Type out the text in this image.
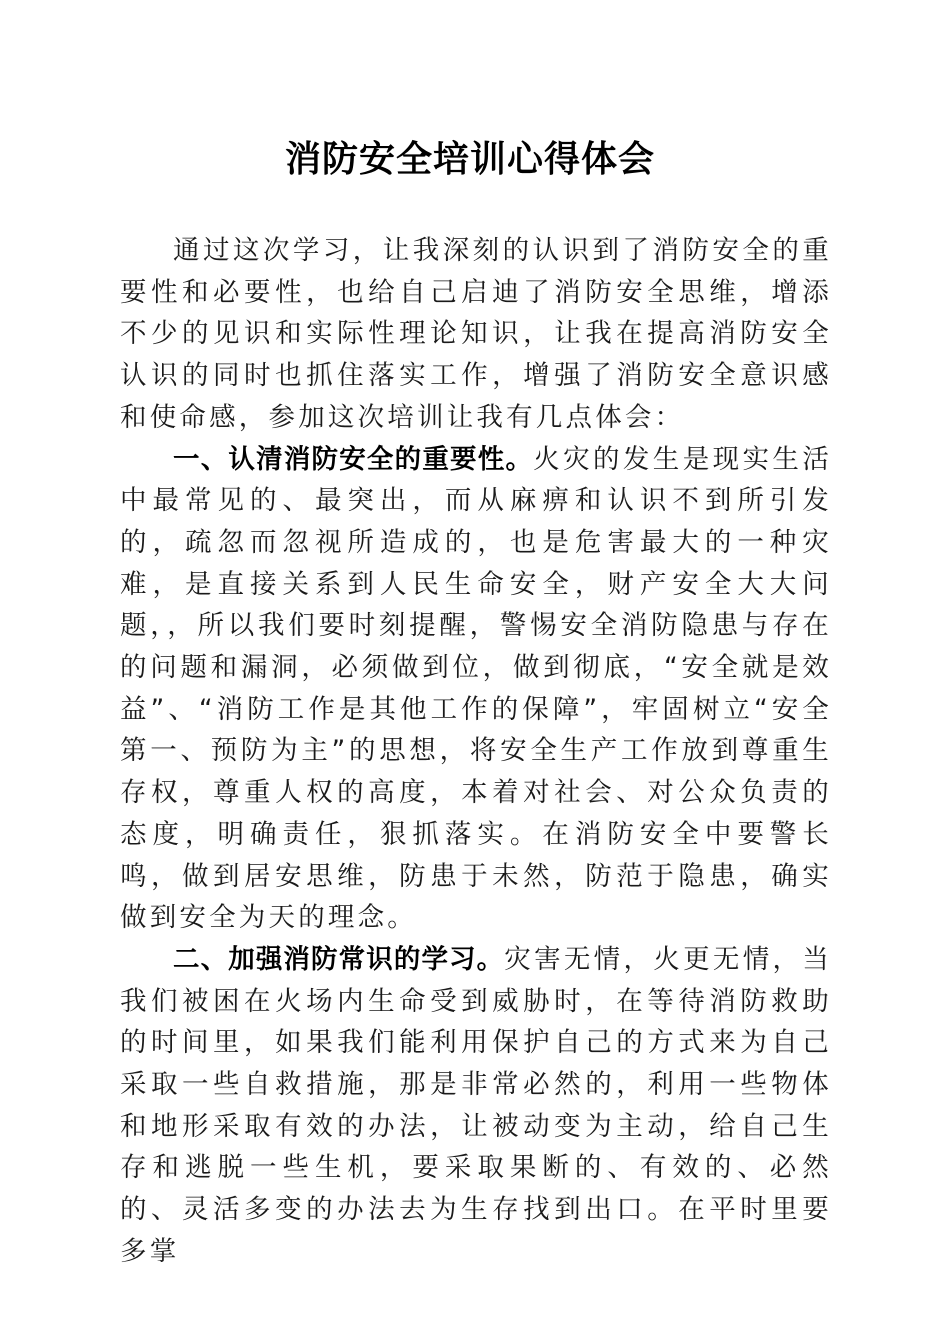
消防安全培训心得体会

通过这次学习，让我深刻的认识到了消防安全的重要性和必要性，也给自己启迪了消防安全思维，增添不少的见识和实际性理论知识，让我在提高消防安全认识的同时也抓住落实工作，增强了消防安全意识感和使命感，参加这次培训让我有几点体会：

一、认清消防安全的重要性。火灾的发生是现实生活中最常见的、最突出，而从麻痹和认识不到所引发的，疏忽而忽视所造成的，也是危害最大的一种灾难，是直接关系到人民生命安全，财产安全大大问题，，所以我们要时刻提醒，警惕安全消防隐患与存在的问题和漏洞，必须做到位，做到彻底，“安全就是效益”、“消防工作是其他工作的保障”，牢固树立“安全第一、预防为主”的思想，将安全生产工作放到尊重生存权，尊重人权的高度，本着对社会、对公众负责的态度，明确责任，狠抓落实。在消防安全中要警长鸣，做到居安思维，防患于未然，防范于隐患，确实做到安全为天的理念。

二、加强消防常识的学习。灾害无情，火更无情，当我们被困在火场内生命受到威胁时，在等待消防救助的时间里，如果我们能利用保护自己的方式来为自己采取一些自救措施，那是非常必然的，利用一些物体和地形采取有效的办法，让被动变为主动，给自己生存和逃脱一些生机，要采取果断的、有效的、必然的、灵活多变的办法去为生存找到出口。在平时里要多掌
